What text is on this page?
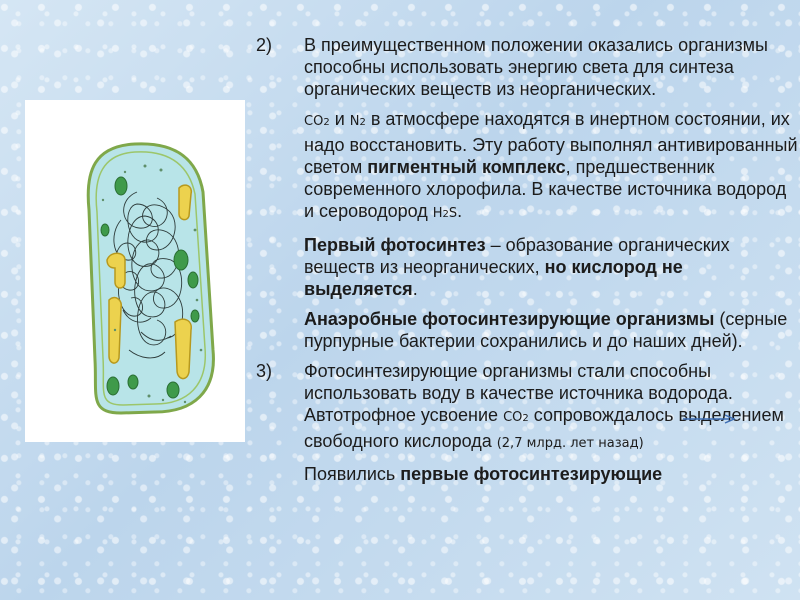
2)	В преимущественном положении оказались организмы способны использовать энергию света для синтеза органических веществ из неорганических.

CO2 и N2 в атмосфере находятся в инертном состоянии, их надо восстановить. Эту работу выполнял антивированный светом пигментный комплекс, предшественник современного хлорофила. В качестве источника водород и сероводород H2S.

Первый фотосинтез – образование органических веществ из неорганических, но кислород не выделяется.

Анаэробные фотосинтезирующие организмы (серные пурпурные бактерии сохранились и до наших дней).

3)	Фотосинтезирующие организмы стали способны использовать воду в качестве источника водорода. Автотрофное усвоение CO2 сопровождалось выделением свободного кислорода (2,7 млрд. лет назад)

Появились первые фотосинтезирующие
